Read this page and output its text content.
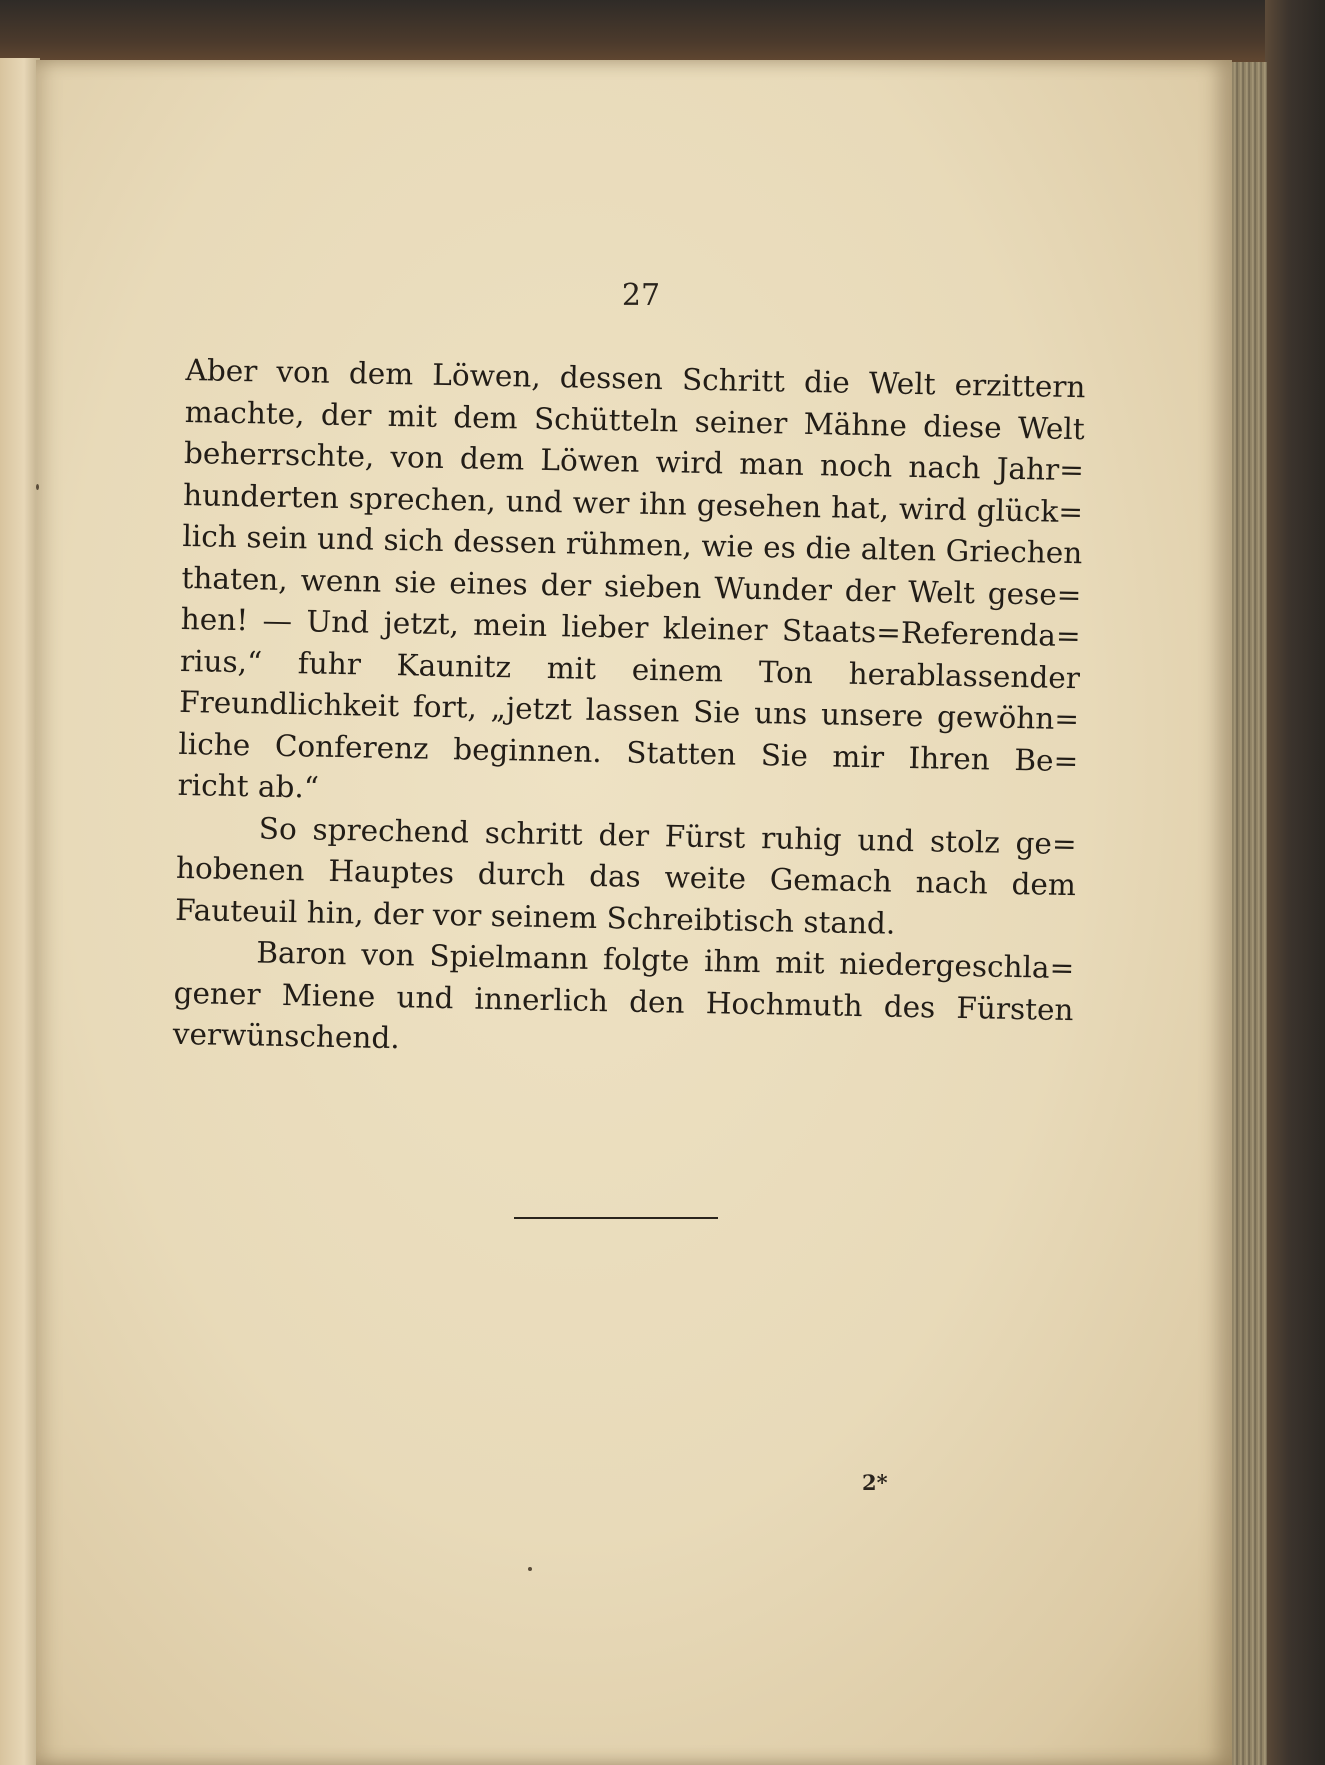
27
Aber von dem Löwen, dessen Schritt die Welt erzittern
machte, der mit dem Schütteln seiner Mähne diese Welt
beherrschte, von dem Löwen wird man noch nach Jahr=
hunderten sprechen, und wer ihn gesehen hat, wird glück=
lich sein und sich dessen rühmen, wie es die alten Griechen
thaten, wenn sie eines der sieben Wunder der Welt gese=
hen! — Und jetzt, mein lieber kleiner Staats=Referenda=
rius,“ fuhr Kaunitz mit einem Ton herablassender
Freundlichkeit fort, „jetzt lassen Sie uns unsere gewöhn=
liche Conferenz beginnen. Statten Sie mir Ihren Be=
richt ab.“
So sprechend schritt der Fürst ruhig und stolz ge=
hobenen Hauptes durch das weite Gemach nach dem
Fauteuil hin, der vor seinem Schreibtisch stand.
Baron von Spielmann folgte ihm mit niedergeschla=
gener Miene und innerlich den Hochmuth des Fürsten
verwünschend.
2*
